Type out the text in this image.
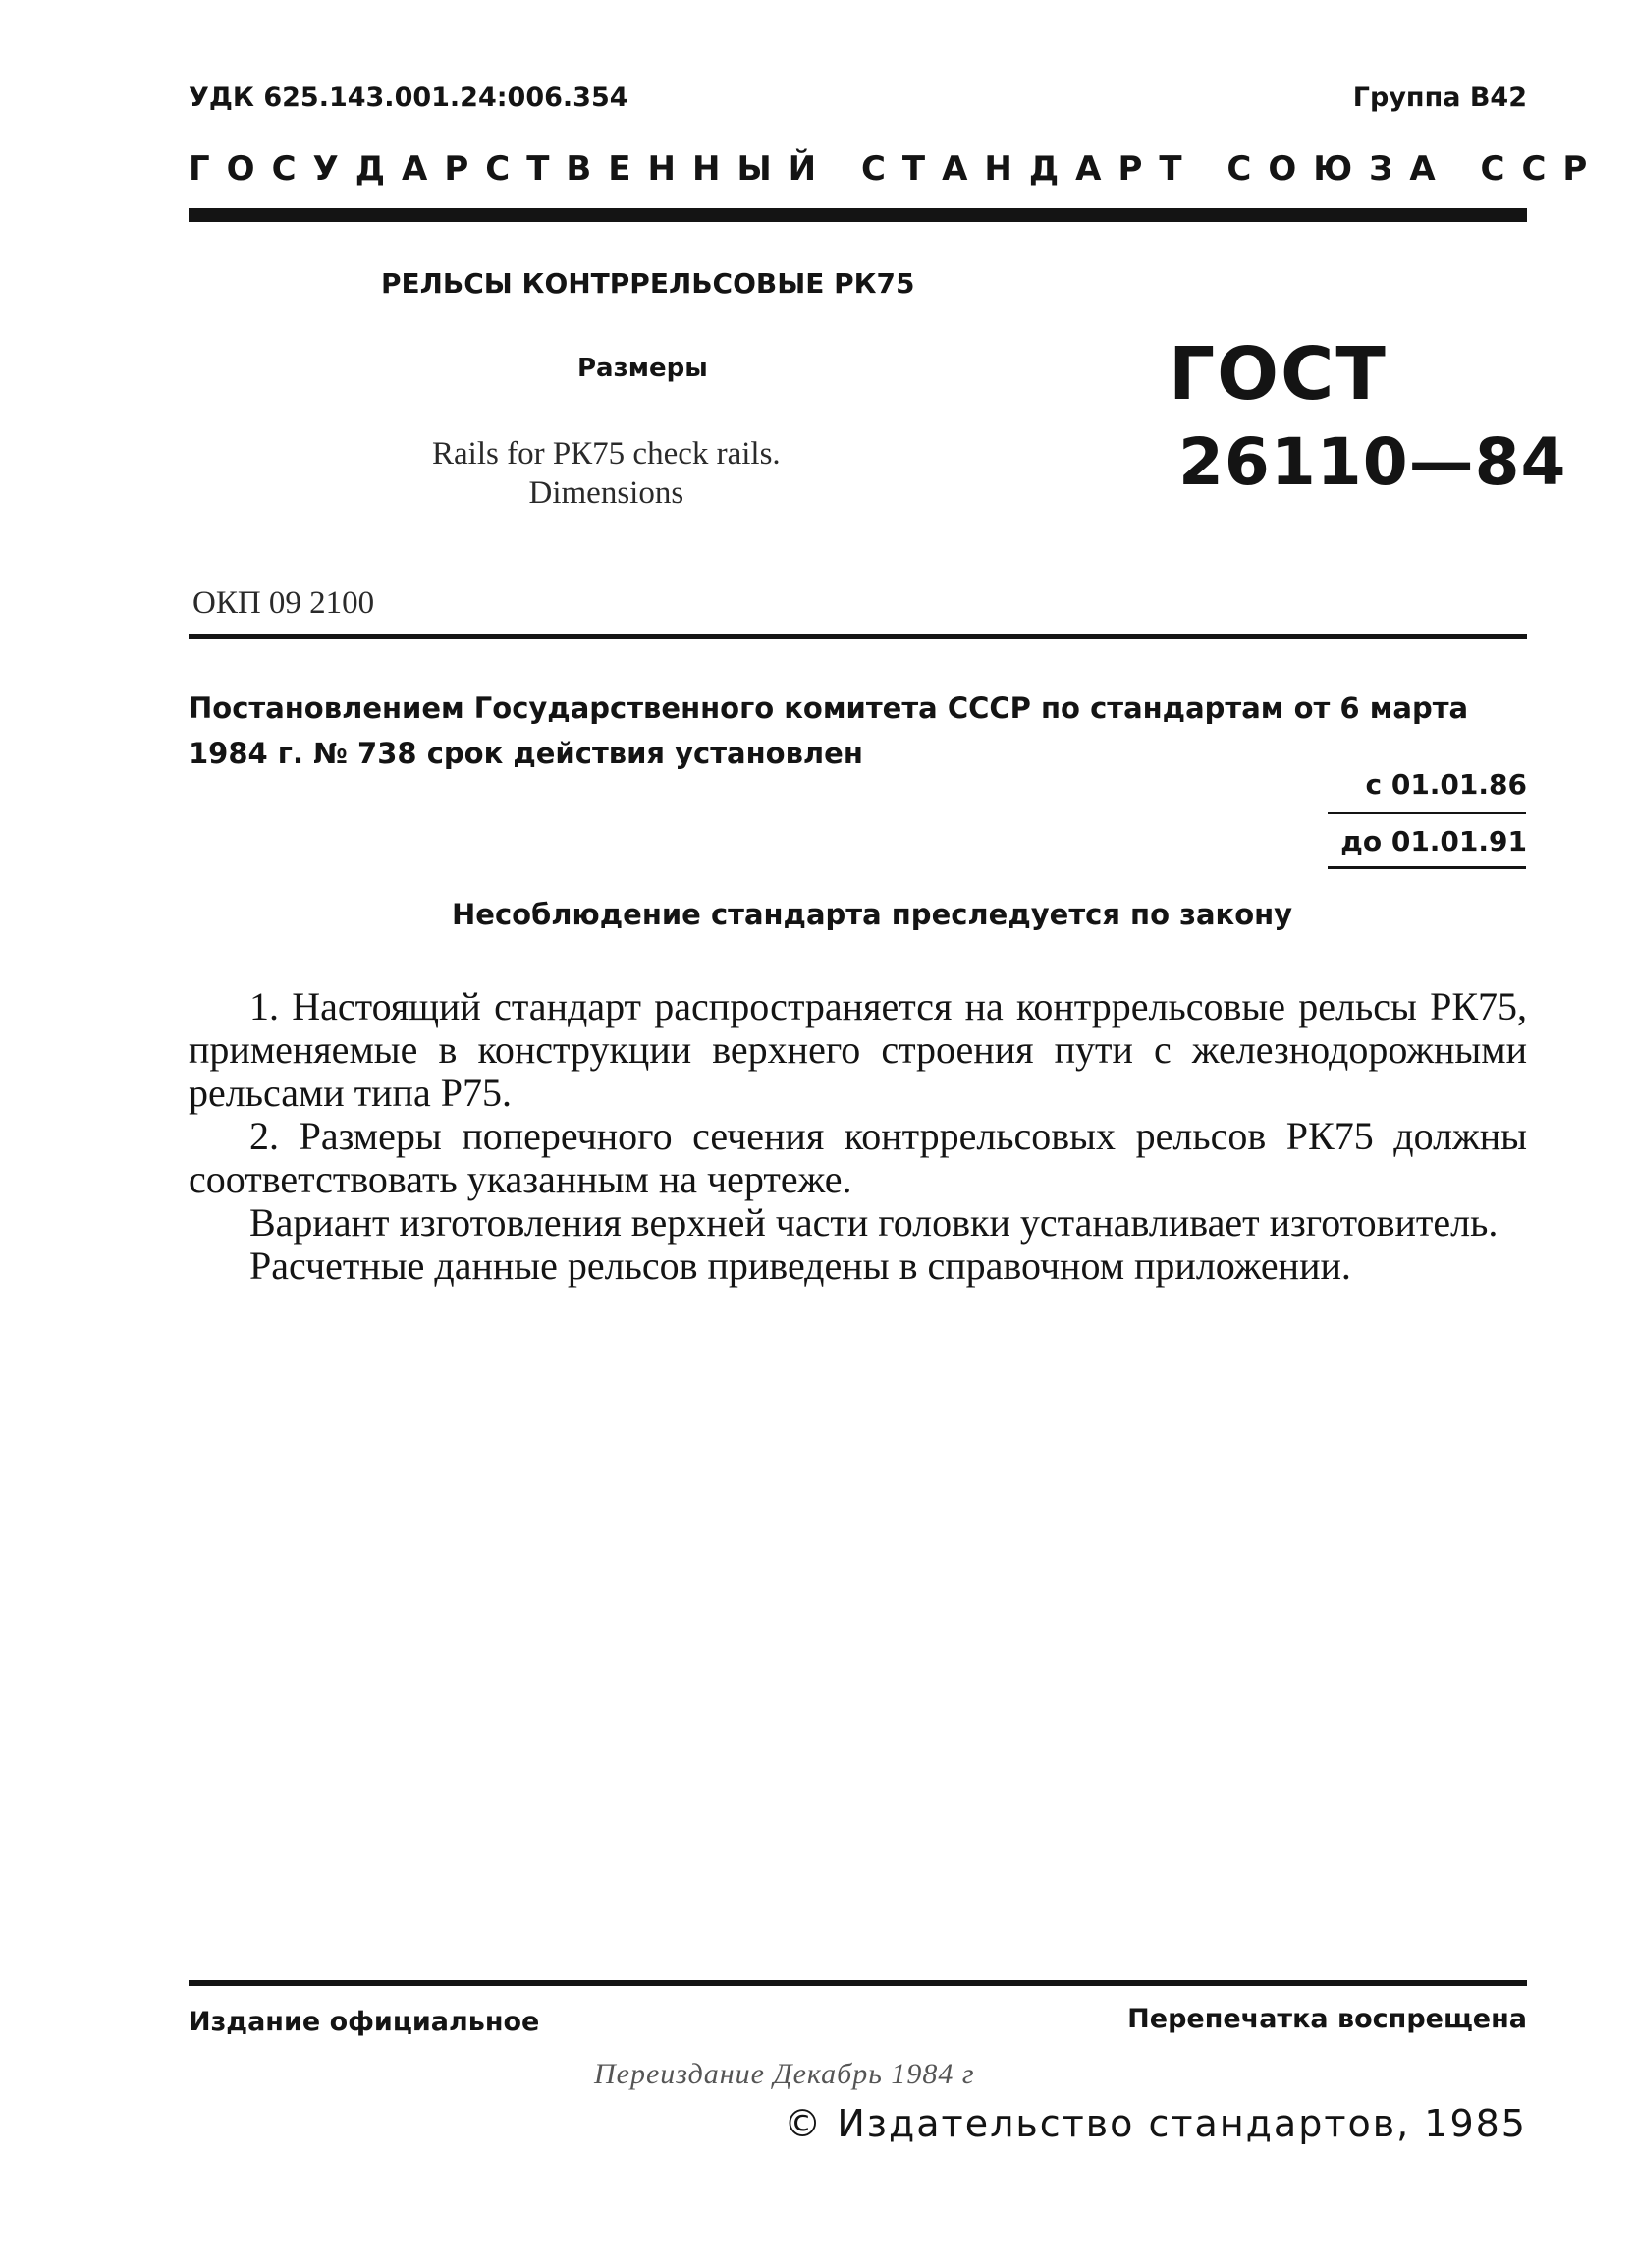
УДК 625.143.001.24:006.354	Группа В42
ГОСУДАРСТВЕННЫЙ СТАНДАРТ СОЮЗА ССР
РЕЛЬСЫ КОНТРРЕЛЬСОВЫЕ РК75
Размеры
Rails for РК75 check rails.
Dimensions
ГОСТ
26110—84
ОКП 09 2100
Постановлением Государственного комитета СССР по стандартам от 6 марта 1984 г. № 738 срок действия установлен
с 01.01.86
до 01.01.91
Несоблюдение стандарта преследуется по закону

1. Настоящий стандарт распространяется на контррельсовые рельсы РК75, применяемые в конструкции верхнего строения пути с железнодорожными рельсами типа Р75.

2. Размеры поперечного сечения контррельсовых рельсов РК75 должны соответствовать указанным на чертеже.

Вариант изготовления верхней части головки устанавливает изготовитель.

Расчетные данные рельсов приведены в справочном приложении.

Издание официальное	Перепечатка воспрещена
Переиздание Декабрь 1984 г
© Издательство стандартов, 1985
